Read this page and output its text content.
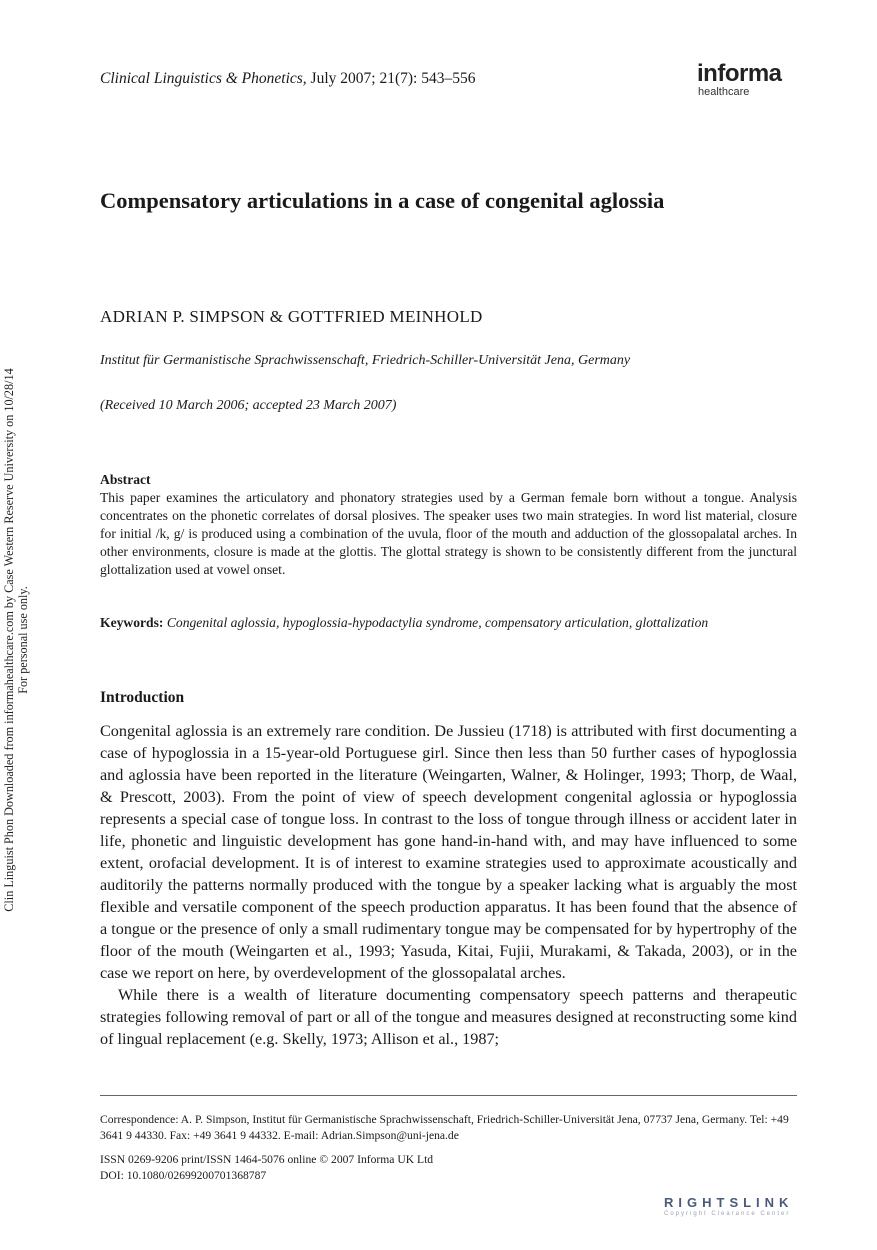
Clinical Linguistics & Phonetics, July 2007; 21(7): 543–556	informa
healthcare
Compensatory articulations in a case of congenital aglossia
ADRIAN P. SIMPSON & GOTTFRIED MEINHOLD
Institut für Germanistische Sprachwissenschaft, Friedrich-Schiller-Universität Jena, Germany
(Received 10 March 2006; accepted 23 March 2007)
Abstract
This paper examines the articulatory and phonatory strategies used by a German female born without a tongue. Analysis concentrates on the phonetic correlates of dorsal plosives. The speaker uses two main strategies. In word list material, closure for initial /k, g/ is produced using a combination of the uvula, floor of the mouth and adduction of the glossopalatal arches. In other environments, closure is made at the glottis. The glottal strategy is shown to be consistently different from the junctural glottalization used at vowel onset.
Keywords: Congenital aglossia, hypoglossia-hypodactylia syndrome, compensatory articulation, glottalization
Introduction

Congenital aglossia is an extremely rare condition. De Jussieu (1718) is attributed with first documenting a case of hypoglossia in a 15-year-old Portuguese girl. Since then less than 50 further cases of hypoglossia and aglossia have been reported in the literature (Weingarten, Walner, & Holinger, 1993; Thorp, de Waal, & Prescott, 2003). From the point of view of speech development congenital aglossia or hypoglossia represents a special case of tongue loss. In contrast to the loss of tongue through illness or accident later in life, phonetic and linguistic development has gone hand-in-hand with, and may have influenced to some extent, orofacial development. It is of interest to examine strategies used to approximate acoustically and auditorily the patterns normally produced with the tongue by a speaker lacking what is arguably the most flexible and versatile component of the speech production apparatus. It has been found that the absence of a tongue or the presence of only a small rudimentary tongue may be compensated for by hypertrophy of the floor of the mouth (Weingarten et al., 1993; Yasuda, Kitai, Fujii, Murakami, & Takada, 2003), or in the case we report on here, by overdevelopment of the glossopalatal arches.

While there is a wealth of literature documenting compensatory speech patterns and therapeutic strategies following removal of part or all of the tongue and measures designed at reconstructing some kind of lingual replacement (e.g. Skelly, 1973; Allison et al., 1987;

Correspondence: A. P. Simpson, Institut für Germanistische Sprachwissenschaft, Friedrich-Schiller-Universität Jena, 07737 Jena, Germany. Tel: +49 3641 9 44330. Fax: +49 3641 9 44332. E-mail: Adrian.Simpson@uni-jena.de
ISSN 0269-9206 print/ISSN 1464-5076 online © 2007 Informa UK Ltd
DOI: 10.1080/02699200701368787
RIGHTSLINK
Copyright Clearance Center
Clin Linguist Phon Downloaded from informahealthcare.com by Case Western Reserve University on 10/28/14 For personal use only.
